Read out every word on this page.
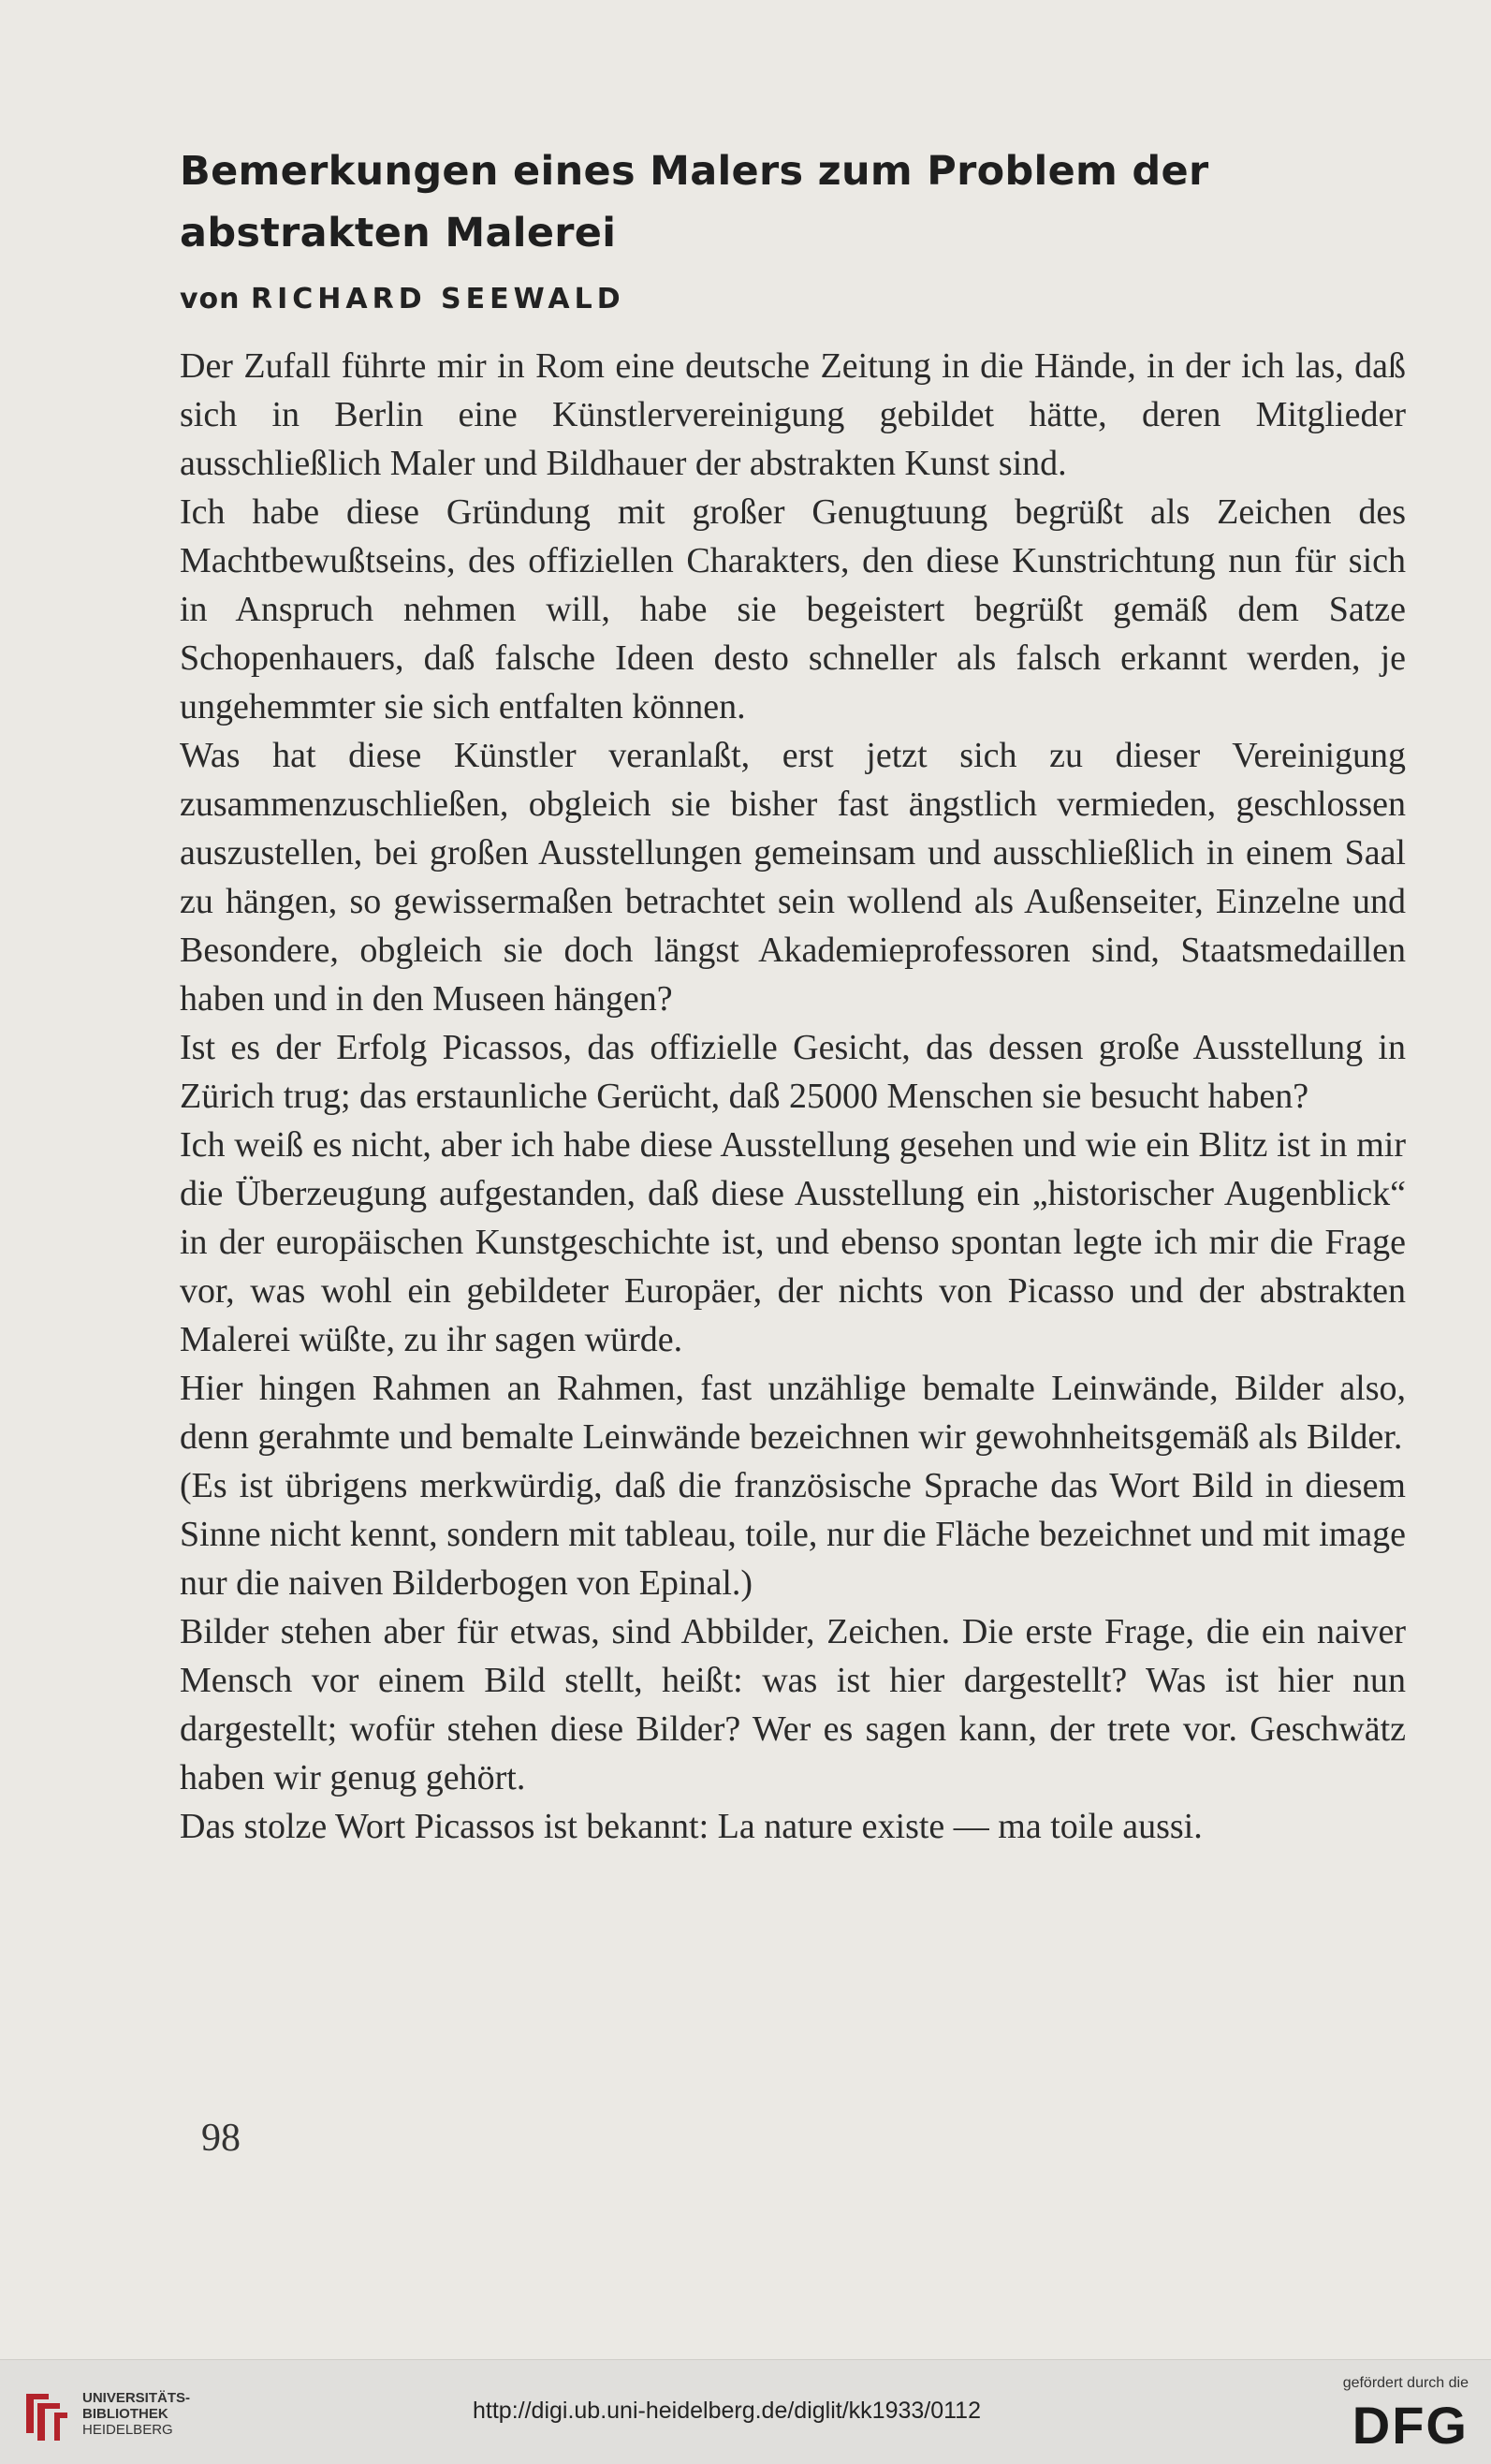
Bemerkungen eines Malers zum Problem der abstrakten Malerei
von RICHARD SEEWALD

Der Zufall führte mir in Rom eine deutsche Zeitung in die Hände, in der ich las, daß sich in Berlin eine Künstlervereinigung gebildet hätte, deren Mitglieder ausschließlich Maler und Bildhauer der abstrakten Kunst sind.

Ich habe diese Gründung mit großer Genugtuung begrüßt als Zeichen des Machtbewußtseins, des offiziellen Charakters, den diese Kunstrichtung nun für sich in Anspruch nehmen will, habe sie begeistert begrüßt gemäß dem Satze Schopenhauers, daß falsche Ideen desto schneller als falsch erkannt werden, je ungehemmter sie sich entfalten können.

Was hat diese Künstler veranlaßt, erst jetzt sich zu dieser Vereinigung zusammenzuschließen, obgleich sie bisher fast ängstlich vermieden, geschlossen auszustellen, bei großen Ausstellungen gemeinsam und ausschließlich in einem Saal zu hängen, so gewissermaßen betrachtet sein wollend als Außenseiter, Einzelne und Besondere, obgleich sie doch längst Akademieprofessoren sind, Staatsmedaillen haben und in den Museen hängen?

Ist es der Erfolg Picassos, das offizielle Gesicht, das dessen große Ausstellung in Zürich trug; das erstaunliche Gerücht, daß 25000 Menschen sie besucht haben?

Ich weiß es nicht, aber ich habe diese Ausstellung gesehen und wie ein Blitz ist in mir die Überzeugung aufgestanden, daß diese Ausstellung ein „historischer Augenblick“ in der europäischen Kunstgeschichte ist, und ebenso spontan legte ich mir die Frage vor, was wohl ein gebildeter Europäer, der nichts von Picasso und der abstrakten Malerei wüßte, zu ihr sagen würde.

Hier hingen Rahmen an Rahmen, fast unzählige bemalte Leinwände, Bilder also, denn gerahmte und bemalte Leinwände bezeichnen wir gewohnheitsgemäß als Bilder.

(Es ist übrigens merkwürdig, daß die französische Sprache das Wort Bild in diesem Sinne nicht kennt, sondern mit tableau, toile, nur die Fläche bezeichnet und mit image nur die naiven Bilderbogen von Epinal.)

Bilder stehen aber für etwas, sind Abbilder, Zeichen. Die erste Frage, die ein naiver Mensch vor einem Bild stellt, heißt: was ist hier dargestellt? Was ist hier nun dargestellt; wofür stehen diese Bilder? Wer es sagen kann, der trete vor. Geschwätz haben wir genug gehört.

Das stolze Wort Picassos ist bekannt: La nature existe — ma toile aussi.

98
UNIVERSITÄTS-
BIBLIOTHEK
HEIDELBERG
http://digi.ub.uni-heidelberg.de/diglit/kk1933/0112
gefördert durch die
DFG
